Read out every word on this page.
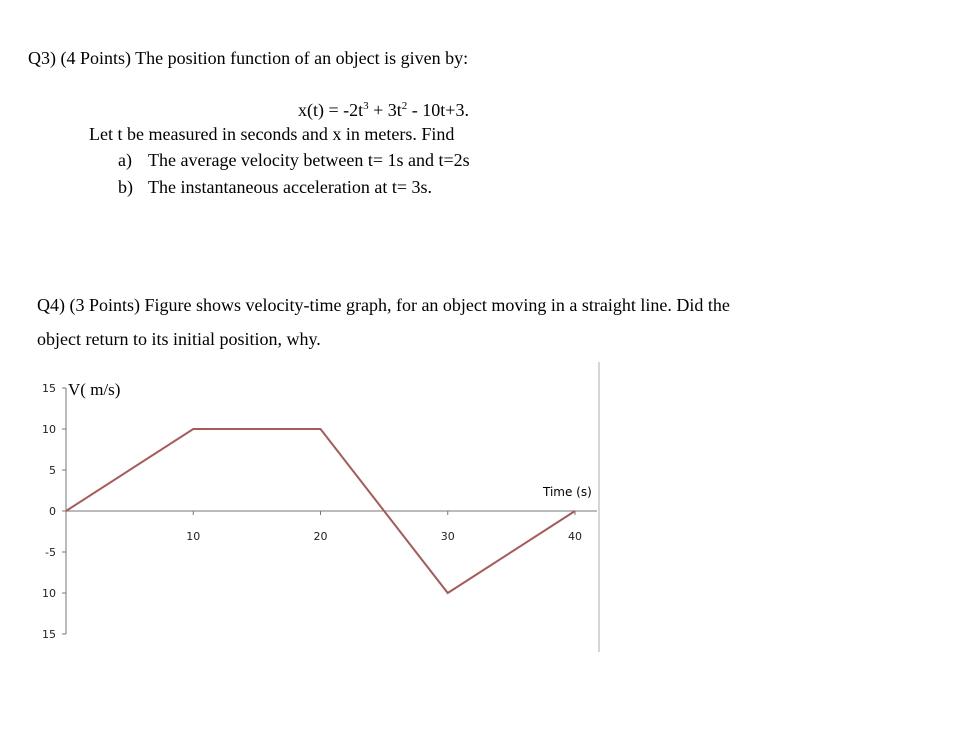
Q3) (4 Points) The position function of an object is given by:
$x(t) = -2t^3 + 3t^2 - 10t+3$.
Let t be measured in seconds and x in meters. Find
a) The average velocity between t= 1s and t=2s
b) The instantaneous acceleration at t= 3s.
Q4) (3 Points) Figure shows velocity-time graph, for an object moving in a straight line. Did the
object return to its initial position, why.
V( m/s)
Time (s)
15
10
5
0
-5
10
15
10	20	30	40
